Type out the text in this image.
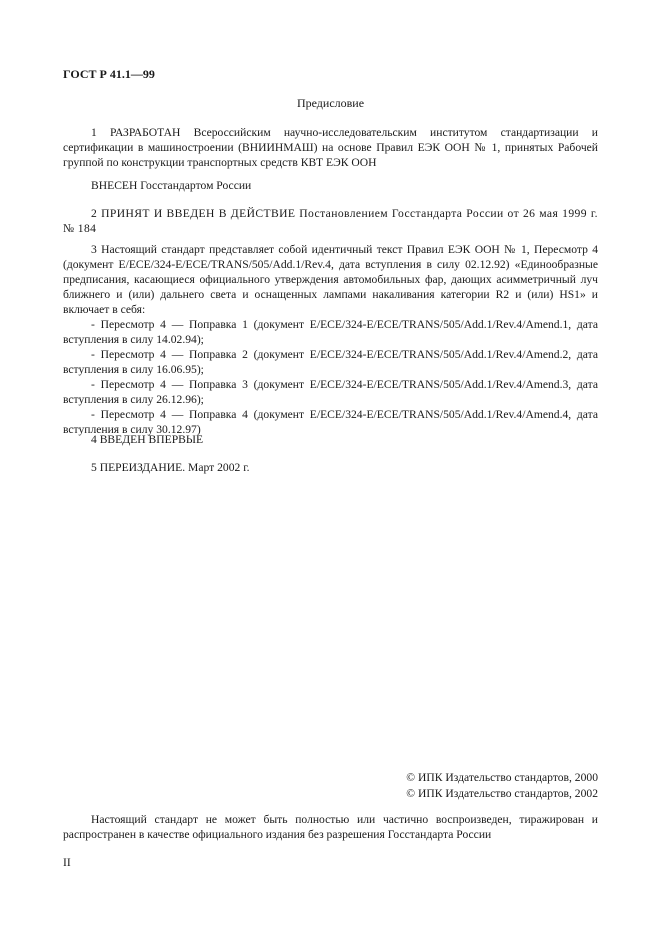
ГОСТ Р 41.1—99
Предисловие

1 РАЗРАБОТАН Всероссийским научно-исследовательским институтом стандартизации и сертификации в машиностроении (ВНИИНМАШ) на основе Правил ЕЭК ООН № 1, принятых Рабочей группой по конструкции транспортных средств КВТ ЕЭК ООН

ВНЕСЕН Госстандартом России

2 ПРИНЯТ И ВВЕДЕН В ДЕЙСТВИЕ Постановлением Госстандарта России от 26 мая 1999 г. № 184

3 Настоящий стандарт представляет собой идентичный текст Правил ЕЭК ООН № 1, Пересмотр 4 (документ E/ECE/324-E/ECE/TRANS/505/Add.1/Rev.4, дата вступления в силу 02.12.92) «Единообразные предписания, касающиеся официального утверждения автомобильных фар, дающих асимметричный луч ближнего и (или) дальнего света и оснащенных лампами накаливания категории R2 и (или) HS1» и включает в себя:

- Пересмотр 4 — Поправка 1 (документ E/ECE/324-E/ECE/TRANS/505/Add.1/Rev.4/Amend.1, дата вступления в силу 14.02.94);

- Пересмотр 4 — Поправка 2 (документ E/ECE/324-E/ECE/TRANS/505/Add.1/Rev.4/Amend.2, дата вступления в силу 16.06.95);

- Пересмотр 4 — Поправка 3 (документ E/ECE/324-E/ECE/TRANS/505/Add.1/Rev.4/Amend.3, дата вступления в силу 26.12.96);

- Пересмотр 4 — Поправка 4 (документ E/ECE/324-E/ECE/TRANS/505/Add.1/Rev.4/Amend.4, дата вступления в силу 30.12.97)

4 ВВЕДЕН ВПЕРВЫЕ

5 ПЕРЕИЗДАНИЕ. Март 2002 г.

© ИПК Издательство стандартов, 2000
© ИПК Издательство стандартов, 2002

Настоящий стандарт не может быть полностью или частично воспроизведен, тиражирован и распространен в качестве официального издания без разрешения Госстандарта России

II
